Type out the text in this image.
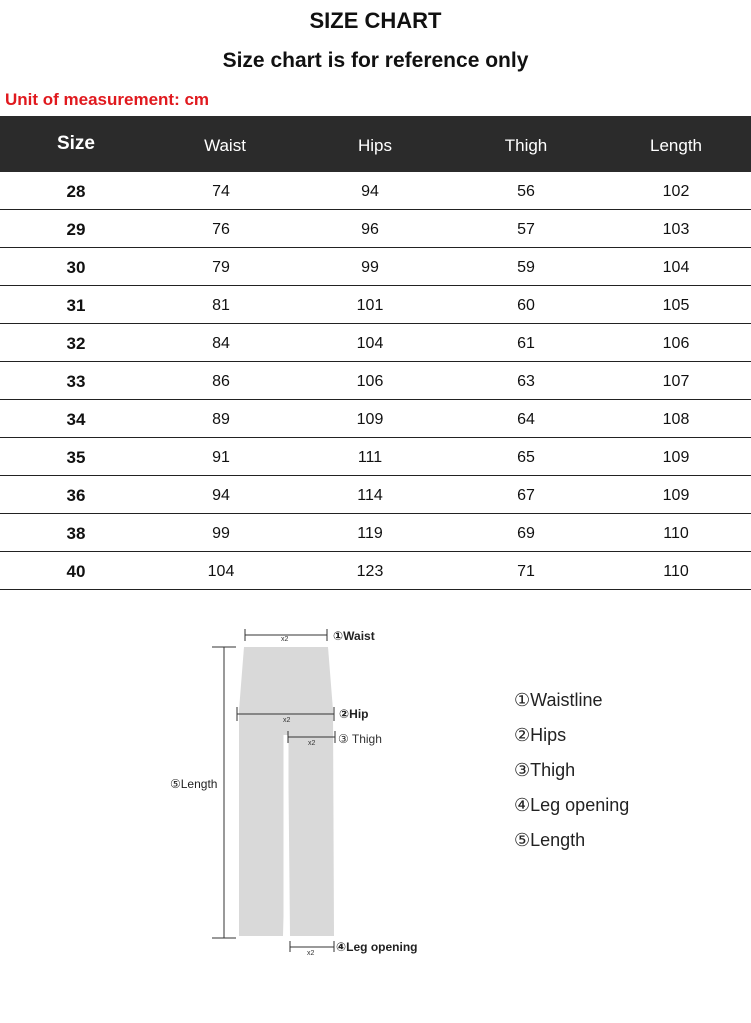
SIZE CHART
Size chart is for reference only
Unit of measurement: cm
Size	Waist	Hips	Thigh	Length
28	74	94	56	102
29	76	96	57	103
30	79	99	59	104
31	81	101	60	105
32	84	104	61	106
33	86	106	63	107
34	89	109	64	108
35	91	111	65	109
36	94	114	67	109
38	99	119	69	110
40	104	123	71	110
x2	①Waist
x2	②Hip
x2 ③ Thigh
⑤Length
x2 ④Leg opening
①Waistline
②Hips
③Thigh
④Leg opening
⑤Length
